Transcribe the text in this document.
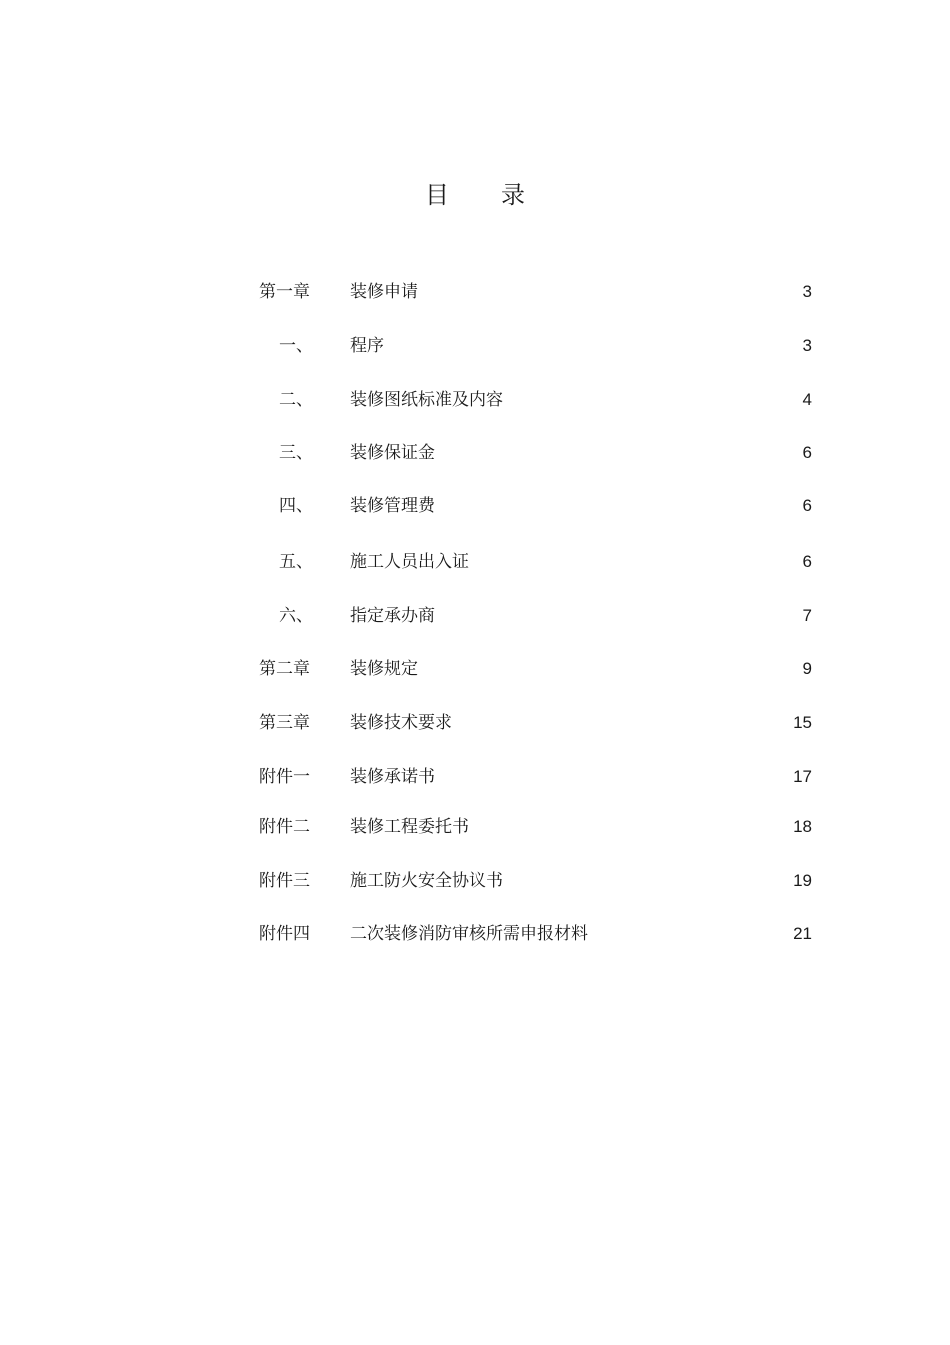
目 录
第一章 装修申请	3
一、 程序	3
二、 装修图纸标准及内容	4
三、 装修保证金	6
四、 装修管理费	6
五、 施工人员出入证	6
六、 指定承办商	7
第二章 装修规定	9
第三章 装修技术要求	15
附件一 装修承诺书	17
附件二 装修工程委托书	18
附件三 施工防火安全协议书	19
附件四 二次装修消防审核所需申报材料	21
